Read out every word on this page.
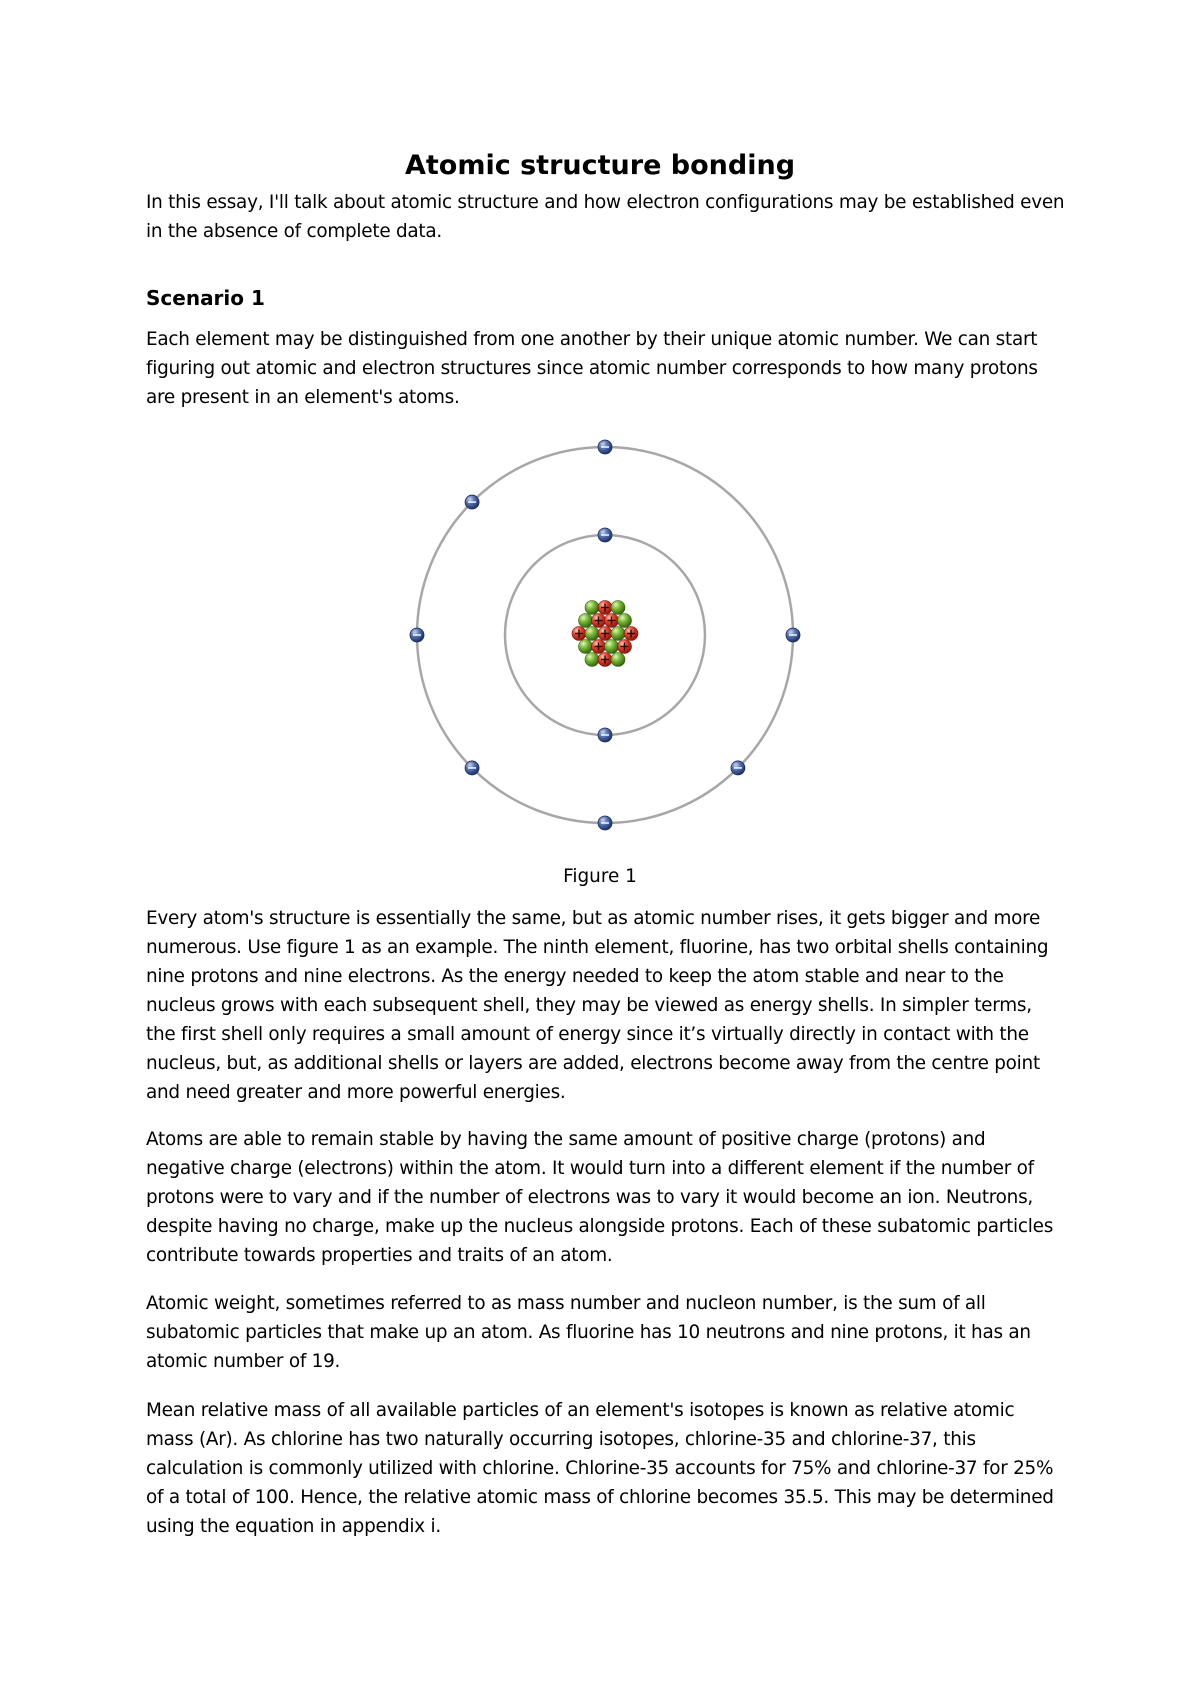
Atomic structure bonding

In this essay, I'll talk about atomic structure and how electron configurations may be established even in the absence of complete data.

Scenario 1

Each element may be distinguished from one another by their unique atomic number. We can start figuring out atomic and electron structures since atomic number corresponds to how many protons are present in an element's atoms.

Figure 1

Every atom's structure is essentially the same, but as atomic number rises, it gets bigger and more numerous. Use figure 1 as an example. The ninth element, fluorine, has two orbital shells containing nine protons and nine electrons. As the energy needed to keep the atom stable and near to the nucleus grows with each subsequent shell, they may be viewed as energy shells. In simpler terms, the first shell only requires a small amount of energy since it’s virtually directly in contact with the nucleus, but, as additional shells or layers are added, electrons become away from the centre point and need greater and more powerful energies.

Atoms are able to remain stable by having the same amount of positive charge (protons) and negative charge (electrons) within the atom. It would turn into a different element if the number of protons were to vary and if the number of electrons was to vary it would become an ion. Neutrons, despite having no charge, make up the nucleus alongside protons. Each of these subatomic particles contribute towards properties and traits of an atom.

Atomic weight, sometimes referred to as mass number and nucleon number, is the sum of all subatomic particles that make up an atom. As fluorine has 10 neutrons and nine protons, it has an atomic number of 19.

Mean relative mass of all available particles of an element's isotopes is known as relative atomic mass (Ar). As chlorine has two naturally occurring isotopes, chlorine-35 and chlorine-37, this calculation is commonly utilized with chlorine. Chlorine-35 accounts for 75% and chlorine-37 for 25% of a total of 100. Hence, the relative atomic mass of chlorine becomes 35.5. This may be determined using the equation in appendix i.
